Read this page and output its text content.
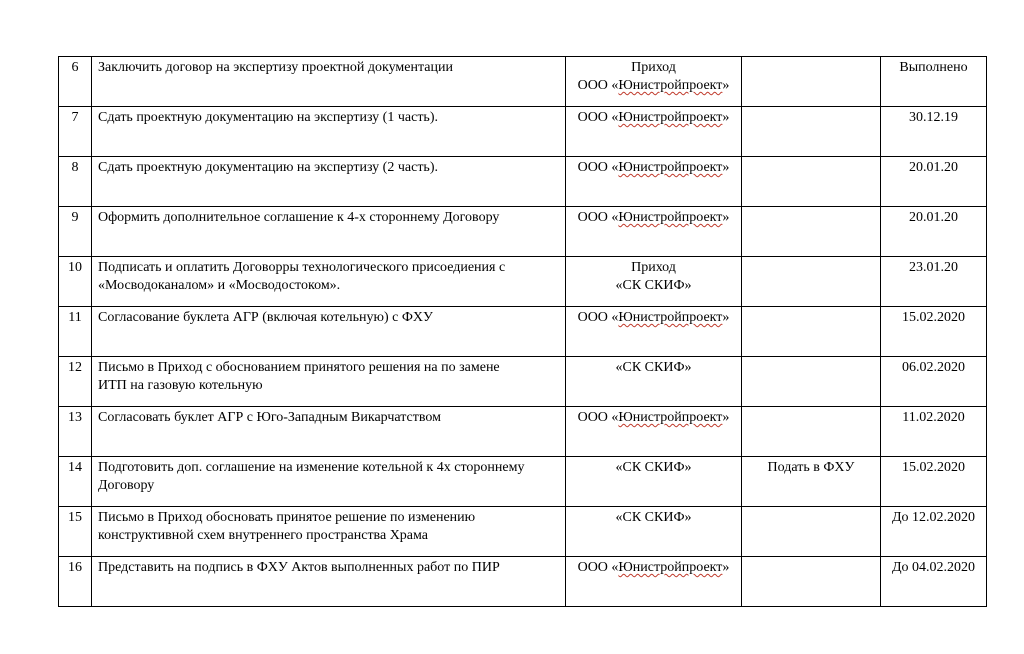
6	Заключить договор на экспертизу проектной документации	Приход
ООО «Юнистройпроект»		Выполнено
7	Сдать проектную документацию на экспертизу (1 часть).	ООО «Юнистройпроект»		30.12.19
8	Сдать проектную документацию на экспертизу (2 часть).	ООО «Юнистройпроект»		20.01.20
9	Оформить дополнительное соглашение к 4-х стороннему Договору	ООО «Юнистройпроект»		20.01.20
10	Подписать и оплатить Договорры технологического присоедиения с
«Мосводоканалом» и «Мосводостоком».	Приход
«СК СКИФ»		23.01.20
11	Согласование буклета АГР (включая котельную) с ФХУ	ООО «Юнистройпроект»		15.02.2020
12	Письмо в Приход с обоснованием принятого решения на по замене
ИТП на газовую котельную	«СК СКИФ»		06.02.2020
13	Согласовать буклет АГР с Юго-Западным Викарчатством	ООО «Юнистройпроект»		11.02.2020
14	Подготовить доп. соглашение на изменение котельной к 4х стороннему
Договору	«СК СКИФ»	Подать в ФХУ	15.02.2020
15	Письмо в Приход обосновать принятое решение по изменению
конструктивной схем внутреннего пространства Храма	«СК СКИФ»		До 12.02.2020
16	Представить на подпись в ФХУ Актов выполненных работ по ПИР	ООО «Юнистройпроект»		До 04.02.2020
